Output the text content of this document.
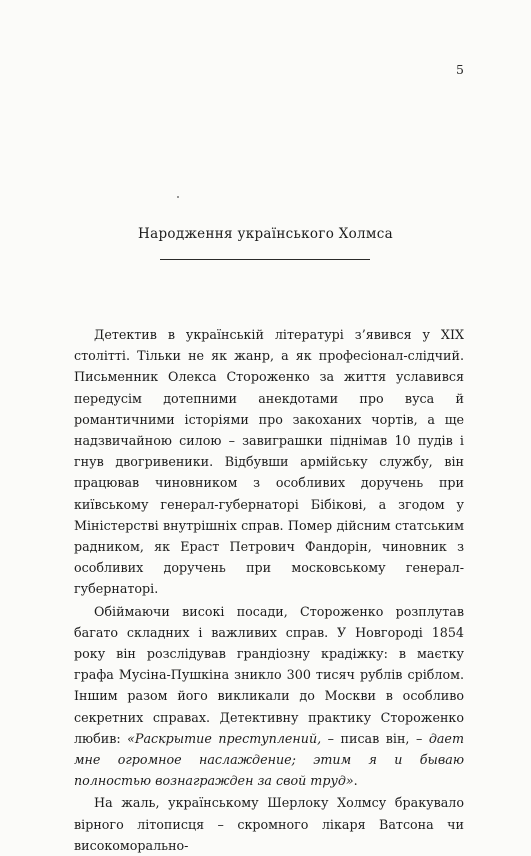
5
Народження українського Холмса

Детектив в українській літературі з’явився у XIX столітті. Тільки не як жанр, а як професіонал-слідчий. Письменник Олекса Стороженко за життя уславився передусім дотепними анекдотами про вуса й романтичними історіями про закоханих чортів, а ще надзвичайною силою – завиграшки піднімав 10 пудів і гнув двогривеники. Відбувши армійську службу, він працював чиновником з особливих доручень при київському генерал-губернаторі Бібікові, а згодом у Міністерстві внутрішніх справ. Помер дійсним статським радником, як Ераст Петрович Фандорін, чиновник з особливих доручень при московському генерал-губернаторі.

Обіймаючи високі посади, Стороженко розплутав багато складних і важливих справ. У Новгороді 1854 року він розслідував грандіозну крадіжку: в маєтку графа Мусіна-Пушкіна зникло 300 тисяч рублів сріблом. Іншим разом його викликали до Москви в особливо секретних справах. Детективну практику Стороженко любив: «Раскрытие преступлений, – писав він, – дает мне огромное наслаждение; этим я и бываю полностью вознагражден за свой труд».

На жаль, українському Шерлоку Холмсу бракувало вірного літописця – скромного лікаря Ватсона чи високоморально-
